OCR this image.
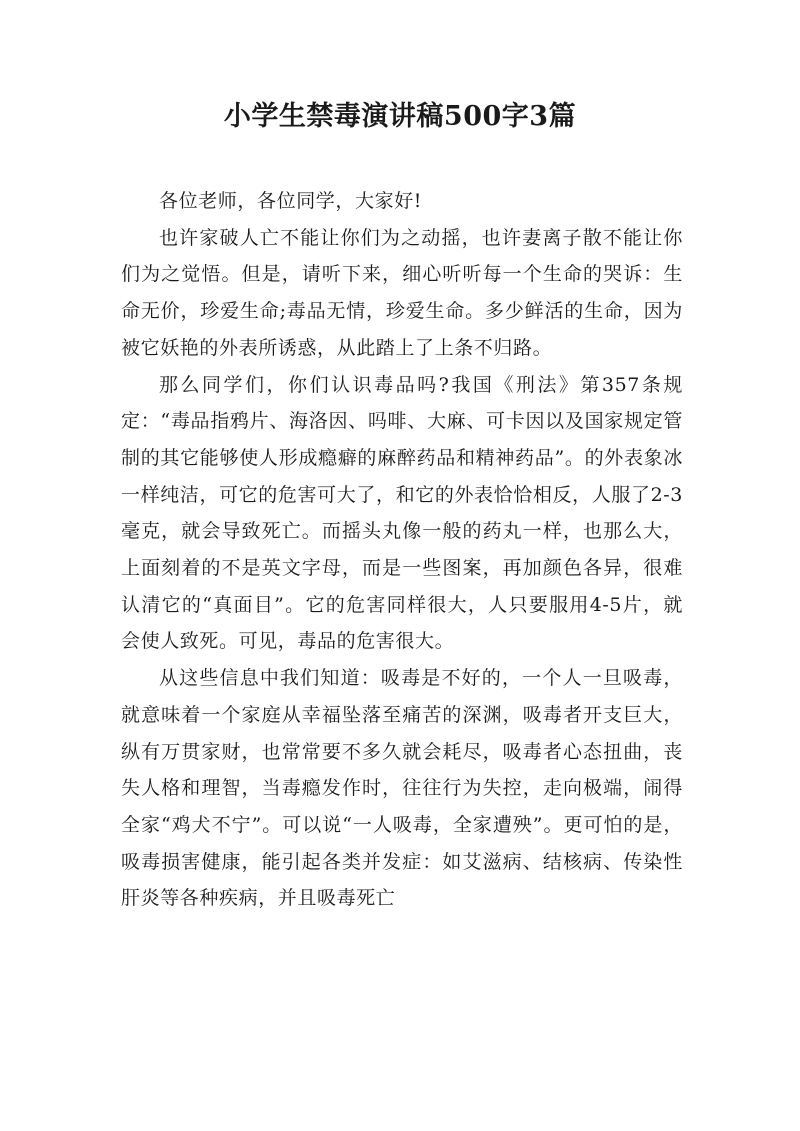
小学生禁毒演讲稿500字3篇

各位老师，各位同学，大家好!

也许家破人亡不能让你们为之动摇，也许妻离子散不能让你们为之觉悟。但是，请听下来，细心听听每一个生命的哭诉：生命无价，珍爱生命;毒品无情，珍爱生命。多少鲜活的生命，因为被它妖艳的外表所诱惑，从此踏上了上条不归路。

那么同学们，你们认识毒品吗?我国《刑法》第357条规定：“毒品指鸦片、海洛因、吗啡、大麻、可卡因以及国家规定管制的其它能够使人形成瘾癖的麻醉药品和精神药品”。的外表象冰一样纯洁，可它的危害可大了，和它的外表恰恰相反，人服了2-3毫克，就会导致死亡。而摇头丸像一般的药丸一样，也那么大，上面刻着的不是英文字母，而是一些图案，再加颜色各异，很难认清它的“真面目”。它的危害同样很大，人只要服用4-5片，就会使人致死。可见，毒品的危害很大。

从这些信息中我们知道：吸毒是不好的，一个人一旦吸毒，就意味着一个家庭从幸福坠落至痛苦的深渊，吸毒者开支巨大，纵有万贯家财，也常常要不多久就会耗尽，吸毒者心态扭曲，丧失人格和理智，当毒瘾发作时，往往行为失控，走向极端，闹得全家“鸡犬不宁”。可以说“一人吸毒，全家遭殃”。更可怕的是，吸毒损害健康，能引起各类并发症：如艾滋病、结核病、传染性肝炎等各种疾病，并且吸毒死亡
